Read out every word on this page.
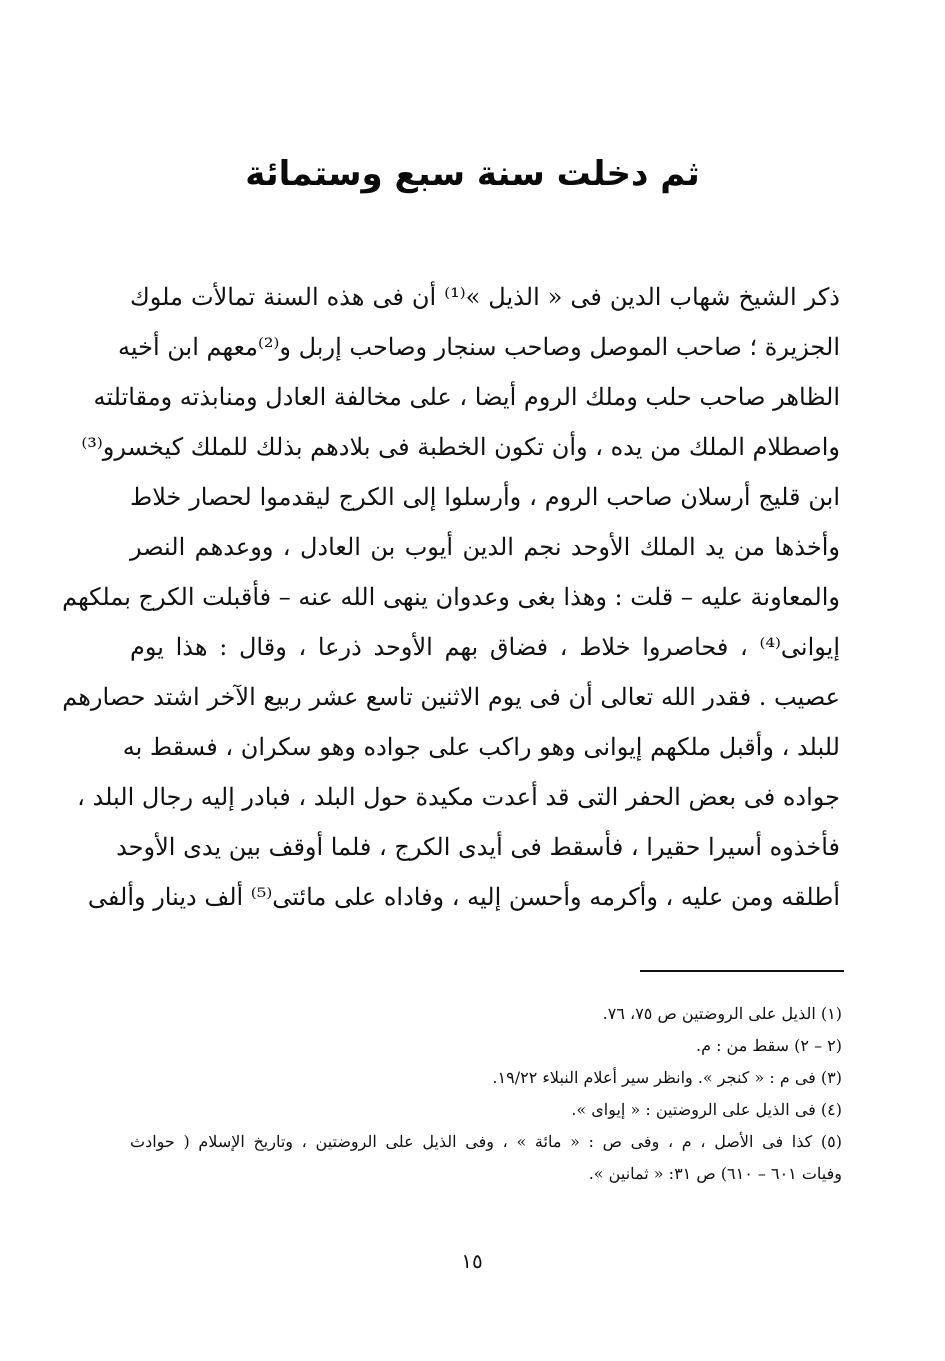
ثم دخلت سنة سبع وستمائة
ذكر الشيخ شهاب الدين فى « الذيل »⁽¹⁾ أن فى هذه السنة تمالأت ملوك
الجزيرة ؛ صاحب الموصل وصاحب سنجار وصاحب إربل و⁽²⁾معهم ابن أخيه
الظاهر صاحب حلب وملك الروم أيضا ، على مخالفة العادل ومنابذته ومقاتلته
واصطلام الملك من يده ، وأن تكون الخطبة فى بلادهم بذلك للملك كيخسرو⁽³⁾
ابن قليج أرسلان صاحب الروم ، وأرسلوا إلى الكرج ليقدموا لحصار خلاط
وأخذها من يد الملك الأوحد نجم الدين أيوب بن العادل ، ووعدهم النصر
والمعاونة عليه – قلت : وهذا بغى وعدوان ينهى الله عنه – فأقبلت الكرج بملكهم
إيوانى⁽⁴⁾ ، فحاصروا خلاط ، فضاق بهم الأوحد ذرعا ، وقال : هذا يوم
عصيب . فقدر الله تعالى أن فى يوم الاثنين تاسع عشر ربيع الآخر اشتد حصارهم
للبلد ، وأقبل ملكهم إيوانى وهو راكب على جواده وهو سكران ، فسقط به
جواده فى بعض الحفر التى قد أعدت مكيدة حول البلد ، فبادر إليه رجال البلد ،
فأخذوه أسيرا حقيرا ، فأسقط فى أيدى الكرج ، فلما أوقف بين يدى الأوحد
أطلقه ومن عليه ، وأكرمه وأحسن إليه ، وفاداه على مائتى⁽⁵⁾ ألف دينار وألفى
(١) الذيل على الروضتين ص ٧٥، ٧٦.
(٢ – ٢) سقط من : م.
(٣) فى م : « كنجر ». وانظر سير أعلام النبلاء ١٩/٢٢.
(٤) فى الذيل على الروضتين : « إيواى ».
(٥) كذا فى الأصل ، م ، وفى ص : « مائة » ، وفى الذيل على الروضتين ، وتاريخ الإسلام ( حوادث
وفيات ٦٠١ – ٦١٠) ص ٣١: « ثمانين ».
١٥
